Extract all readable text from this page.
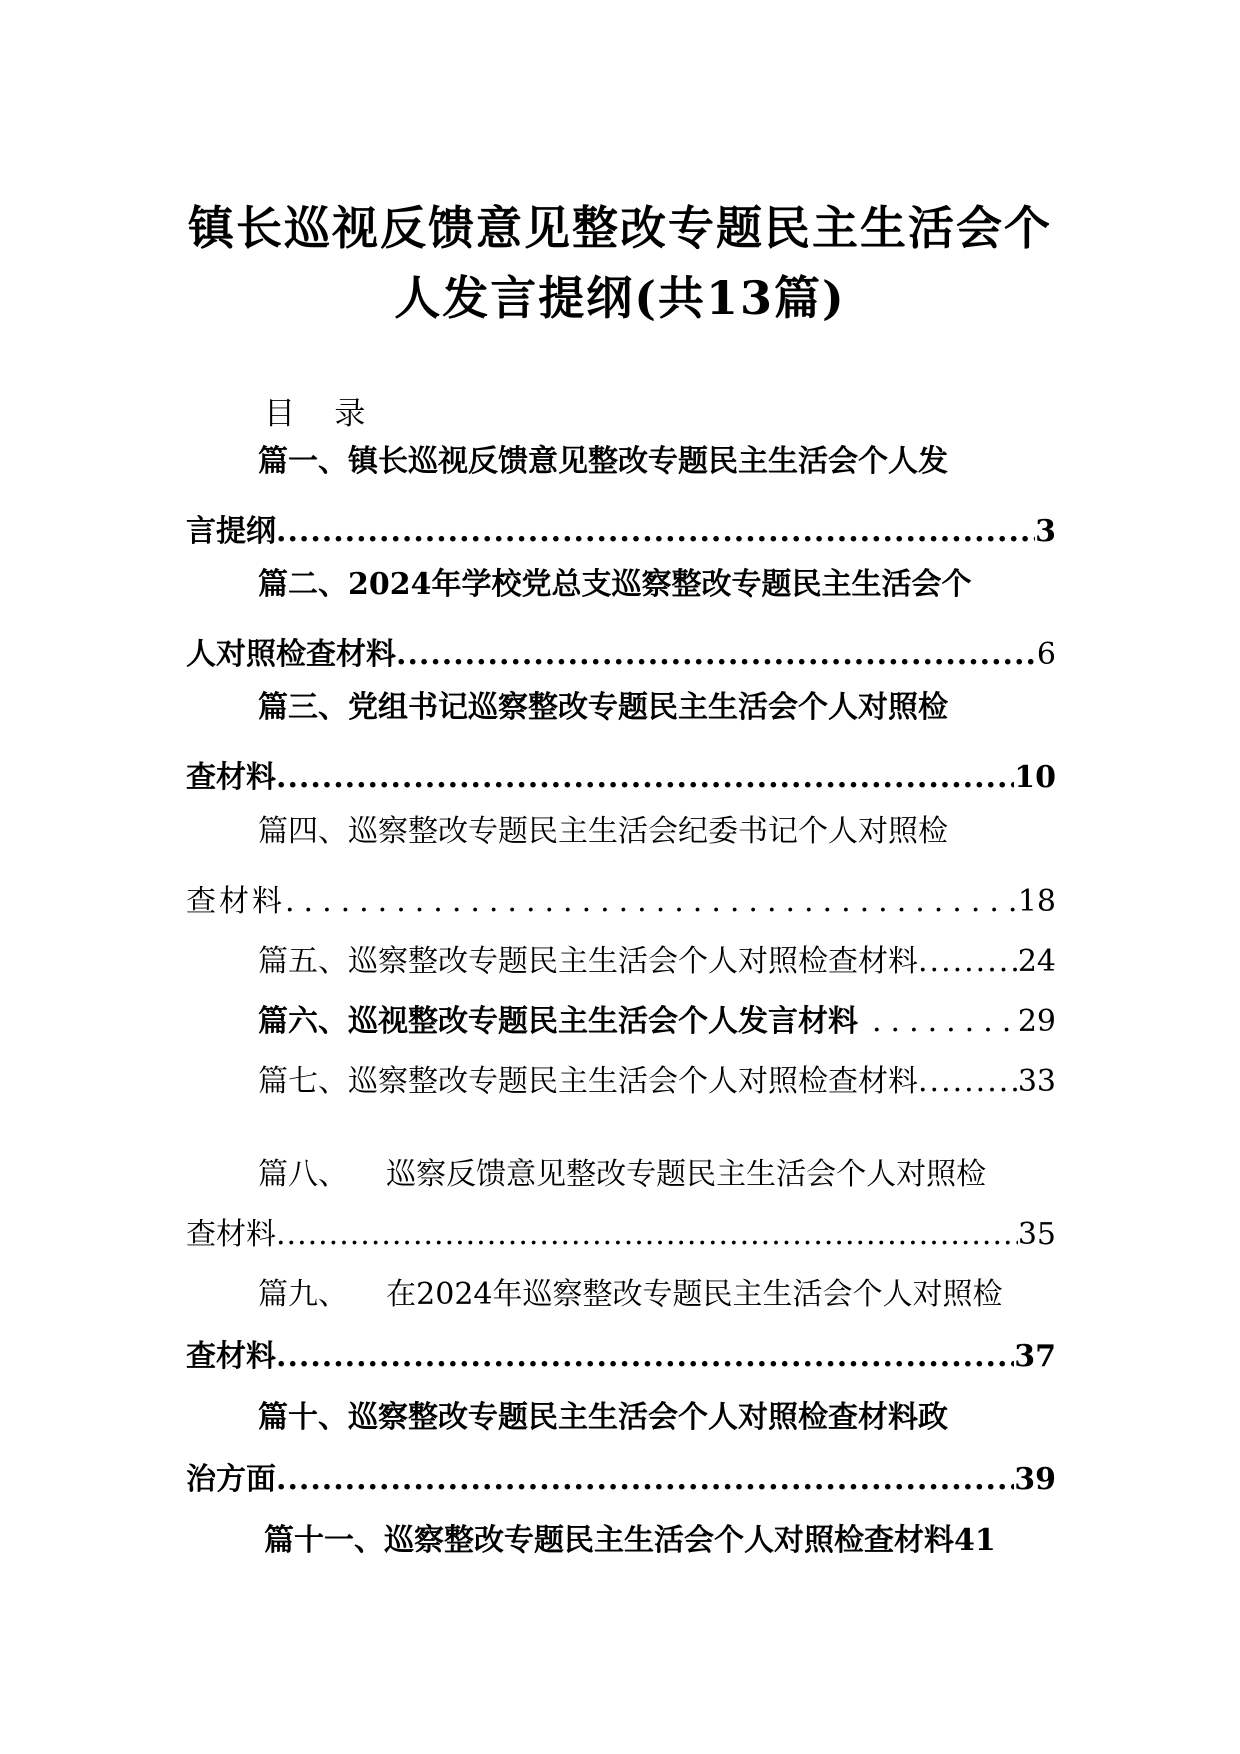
镇长巡视反馈意见整改专题民主生活会个
人发言提纲(共13篇)
目    录
篇一、镇长巡视反馈意见整改专题民主生活会个人发
言提纲 .....	3
篇二、2024年学校党总支巡察整改专题民主生活会个
人对照检查材料 .....	6
篇三、党组书记巡察整改专题民主生活会个人对照检
查材料 .....	10
篇四、巡察整改专题民主生活会纪委书记个人对照检
查材料 .....	18
篇五、巡察整改专题民主生活会个人对照检查材料 .....	24
篇六、巡视整改专题民主生活会个人发言材料 .....	29
篇七、巡察整改专题民主生活会个人对照检查材料 .....	33
篇八、    巡察反馈意见整改专题民主生活会个人对照检
查材料 .....	35
篇九、    在2024年巡察整改专题民主生活会个人对照检
查材料 .....	37
篇十、巡察整改专题民主生活会个人对照检查材料政
治方面 .....	39
篇十一、巡察整改专题民主生活会个人对照检查材料 41
